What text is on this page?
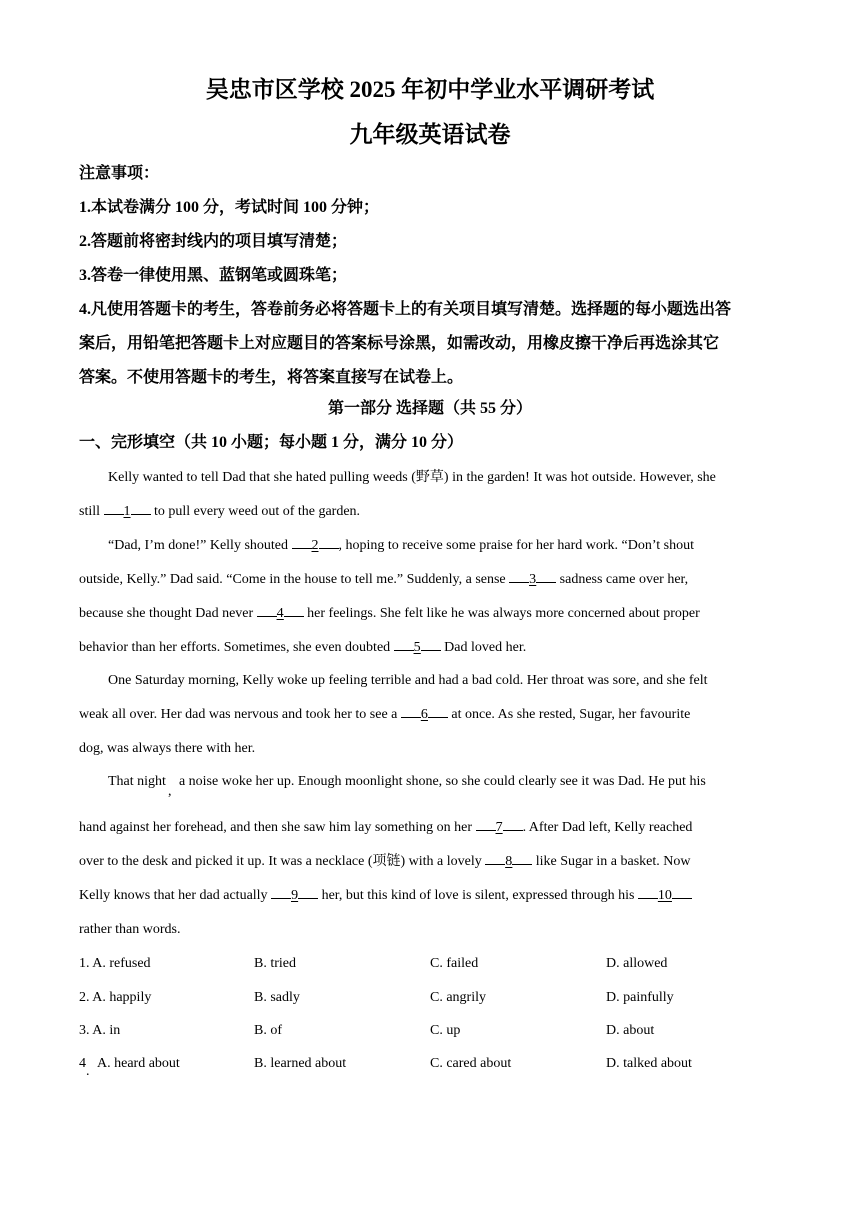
吴忠市区学校 2025 年初中学业水平调研考试
九年级英语试卷
注意事项：
1.本试卷满分 100 分，考试时间 100 分钟；
2.答题前将密封线内的项目填写清楚；
3.答卷一律使用黑、蓝钢笔或圆珠笔；
4.凡使用答题卡的考生，答卷前务必将答题卡上的有关项目填写清楚。选择题的每小题选出答
案后，用铅笔把答题卡上对应题目的答案标号涂黑，如需改动，用橡皮擦干净后再选涂其它
答案。不使用答题卡的考生，将答案直接写在试卷上。
第一部分 选择题（共 55 分）
一、完形填空（共 10 小题；每小题 1 分，满分 10 分）
Kelly wanted to tell Dad that she hated pulling weeds (野草) in the garden! It was hot outside. However, she
still 1 to pull every weed out of the garden.
“Dad, I’m done!” Kelly shouted 2 , hoping to receive some praise for her hard work. “Don’t shout
outside, Kelly.” Dad said. “Come in the house to tell me.” Suddenly, a sense 3 sadness came over her,
because she thought Dad never 4 her feelings. She felt like he was always more concerned about proper
behavior than her efforts. Sometimes, she even doubted 5 Dad loved her.
One Saturday morning, Kelly woke up feeling terrible and had a bad cold. Her throat was sore, and she felt
weak all over. Her dad was nervous and took her to see a 6 at once. As she rested, Sugar, her favourite
dog, was always there with her.
That night, a noise woke her up. Enough moonlight shone, so she could clearly see it was Dad. He put his
hand against her forehead, and then she saw him lay something on her 7 . After Dad left, Kelly reached
over to the desk and picked it up. It was a necklace (项链) with a lovely 8 like Sugar in a basket. Now
Kelly knows that her dad actually 9 her, but this kind of love is silent, expressed through his 10
rather than words.
1. A. refused	B. tried	C. failed	D. allowed
2. A. happily	B. sadly	C. angrily	D. painfully
3. A. in	B. of	C. up	D. about
4
.
A. heard about	B. learned about	C. cared about	D. talked about
